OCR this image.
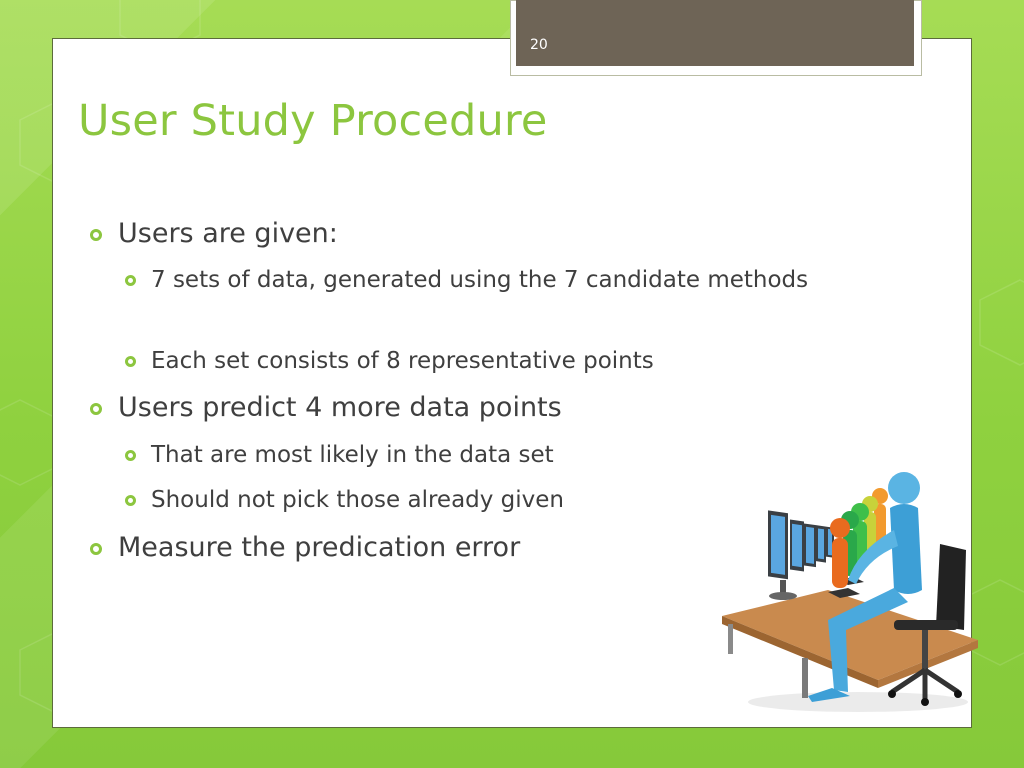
20
User Study Procedure
Users are given:
7 sets of data, generated using the 7 candidate methods
Each set consists of 8 representative points
Users predict 4 more data points
That are most likely in the data set
Should not pick those already given
Measure the predication error
